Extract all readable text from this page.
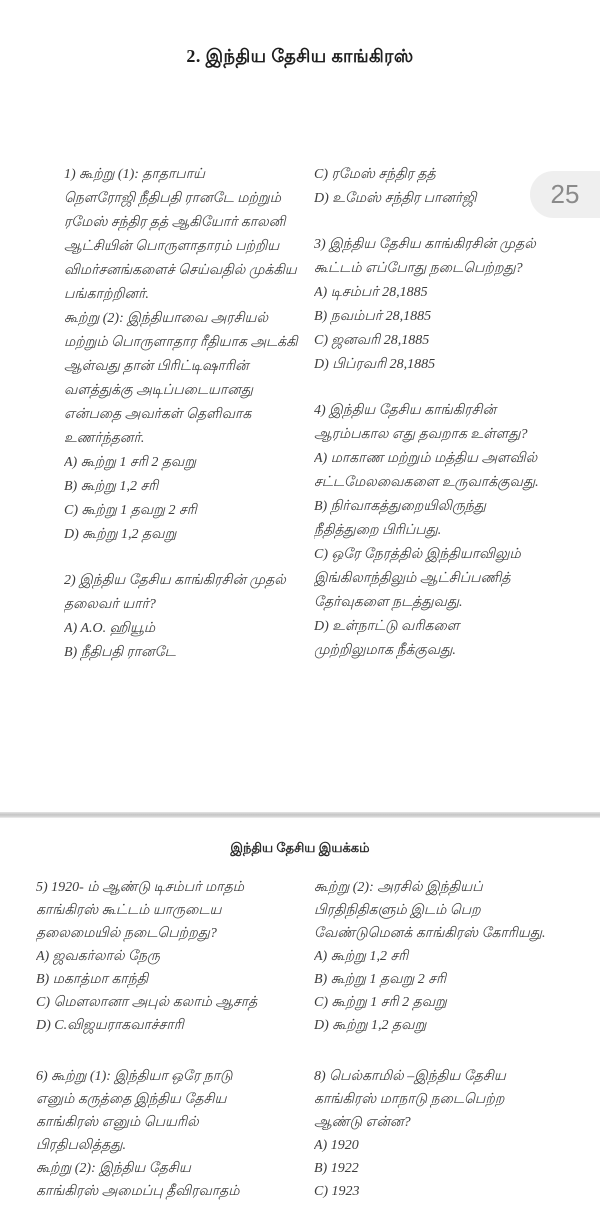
2. இந்திய தேசிய காங்கிரஸ்
25
1) கூற்று (1): தாதாபாய்
நௌரோஜி நீதிபதி ரானடே மற்றும்
ரமேஸ் சந்திர தத் ஆகியோர் காலனி
ஆட்சியின் பொருளாதாரம் பற்றிய
விமர்சனங்களைச் செய்வதில் முக்கிய
பங்காற்றினர்.
கூற்று (2): இந்தியாவை அரசியல்
மற்றும் பொருளாதார ரீதியாக அடக்கி
ஆள்வது தான் பிரிட்டிஷாரின்
வளத்துக்கு அடிப்படையானது
என்பதை அவர்கள் தெளிவாக
உணர்ந்தனர்.
A) கூற்று 1 சரி 2 தவறு
B) கூற்று 1,2 சரி
C) கூற்று 1 தவறு 2 சரி
D) கூற்று 1,2 தவறு
2) இந்திய தேசிய காங்கிரசின் முதல்
தலைவர் யார்?
A) A.O. ஹியூம்
B) நீதிபதி ரானடே
C) ரமேஸ் சந்திர தத்
D) உமேஸ் சந்திர பானர்ஜி
3) இந்திய தேசிய காங்கிரசின் முதல்
கூட்டம் எப்போது நடைபெற்றது?
A) டிசம்பர் 28,1885
B) நவம்பர் 28,1885
C) ஜனவரி 28,1885
D) பிப்ரவரி 28,1885
4) இந்திய தேசிய காங்கிரசின்
ஆரம்பகால எது தவறாக உள்ளது?
A) மாகாண மற்றும் மத்திய அளவில்
சட்டமேலவைகளை உருவாக்குவது.
B) நிர்வாகத்துறையிலிருந்து
நீதித்துறை பிரிப்பது.
C) ஒரே நேரத்தில் இந்தியாவிலும்
இங்கிலாந்திலும் ஆட்சிப்பணித்
தேர்வுகளை நடத்துவது.
D) உள்நாட்டு வரிகளை
முற்றிலுமாக நீக்குவது.
இந்திய தேசிய இயக்கம்
5) 1920- ம் ஆண்டு டிசம்பர் மாதம்
காங்கிரஸ் கூட்டம் யாருடைய
தலைமையில் நடைபெற்றது?
A) ஜவகர்லால் நேரு
B) மகாத்மா காந்தி
C) மௌலானா அபுல் கலாம் ஆசாத்
D) C.விஜயராகவாச்சாரி
6) கூற்று (1): இந்தியா ஒரே நாடு
எனும் கருத்தை இந்திய தேசிய
காங்கிரஸ் எனும் பெயரில்
பிரதிபலித்தது.
கூற்று (2): இந்திய தேசிய
காங்கிரஸ் அமைப்பு தீவிரவாதம்
கூற்று (2): அரசில் இந்தியப்
பிரதிநிதிகளும் இடம் பெற
வேண்டுமெனக் காங்கிரஸ் கோரியது.
A) கூற்று 1,2 சரி
B) கூற்று 1 தவறு 2 சரி
C) கூற்று 1 சரி 2 தவறு
D) கூற்று 1,2 தவறு
8) பெல்காமில் –இந்திய தேசிய
காங்கிரஸ் மாநாடு நடைபெற்ற
ஆண்டு என்ன?
A) 1920
B) 1922
C) 1923
